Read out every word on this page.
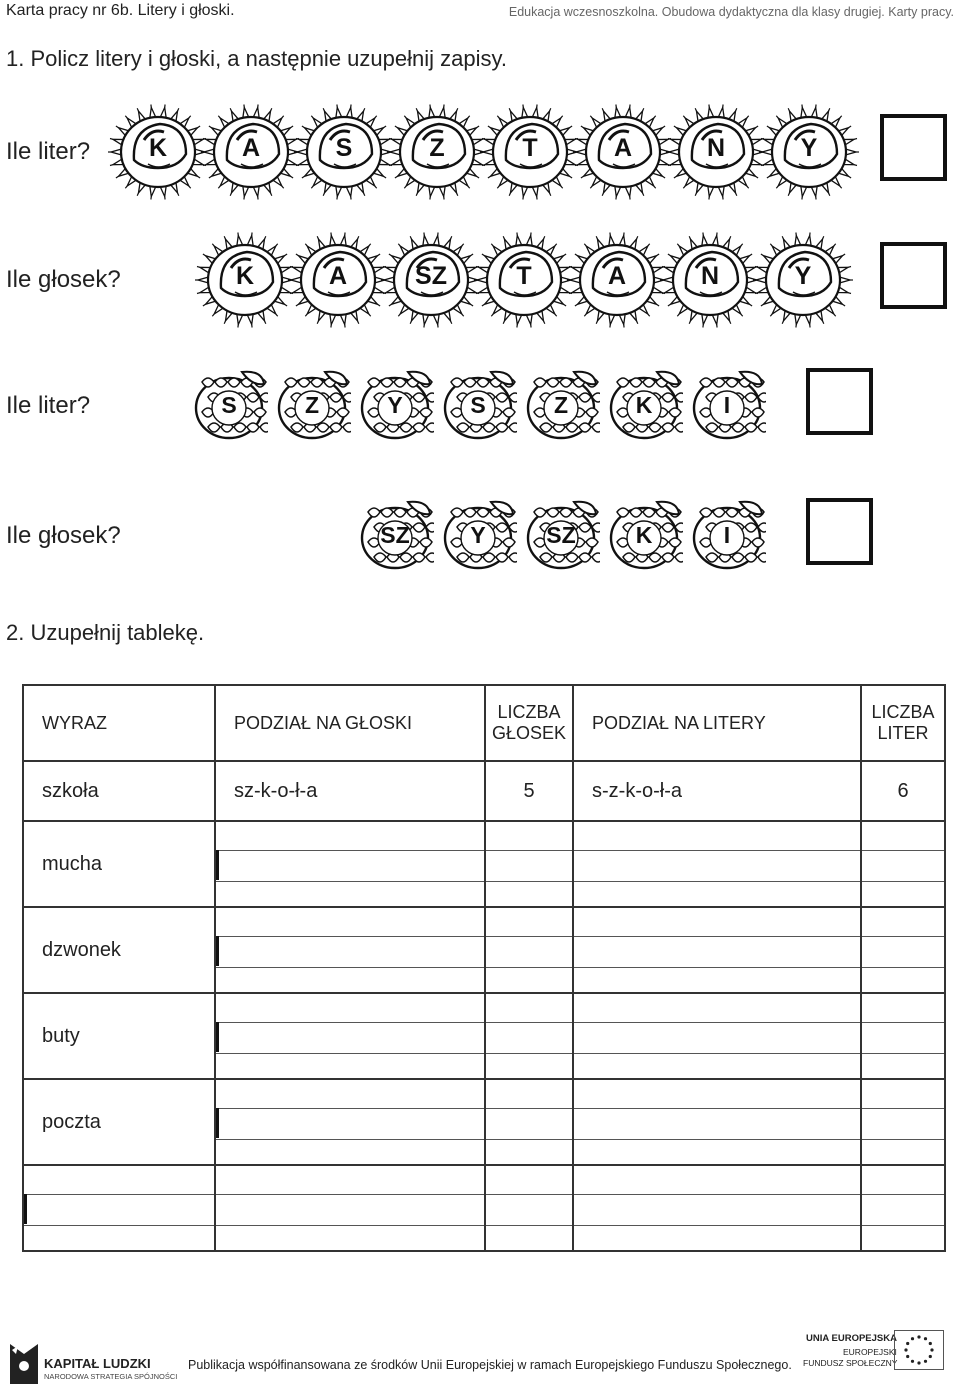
Karta pracy nr 6b. Litery i głoski.	Edukacja wczesnoszkolna. Obudowa dydaktyczna dla klasy drugiej. Karty pracy.
1. Policz litery i głoski, a następnie uzupełnij zapisy.
Ile liter?	K	A	S	Z	T	A	N	Y
Ile głosek?	K	A	SZ	T	A	N	Y
Ile liter?	S	Z	Y	S	Z	K	I
Ile głosek?	SZ	Y	SZ	K	I
2. Uzupełnij tablekę.
WYRAZ	PODZIAŁ NA GŁOSKI	LICZBA GŁOSEK	PODZIAŁ NA LITERY	LICZBA LITER
szkoła	sz-k-o-ł-a	5	s-z-k-o-ł-a	6
mucha	

dzwonek	

buty	

poczta	

KAPITAŁ LUDZKI
NARODOWA STRATEGIA SPÓJNOŚCI
Publikacja współfinansowana ze środków Unii Europejskiej w ramach Europejskiego Funduszu Społecznego.
UNIA EUROPEJSKA
EUROPEJSKI
FUNDUSZ SPOŁECZNY
